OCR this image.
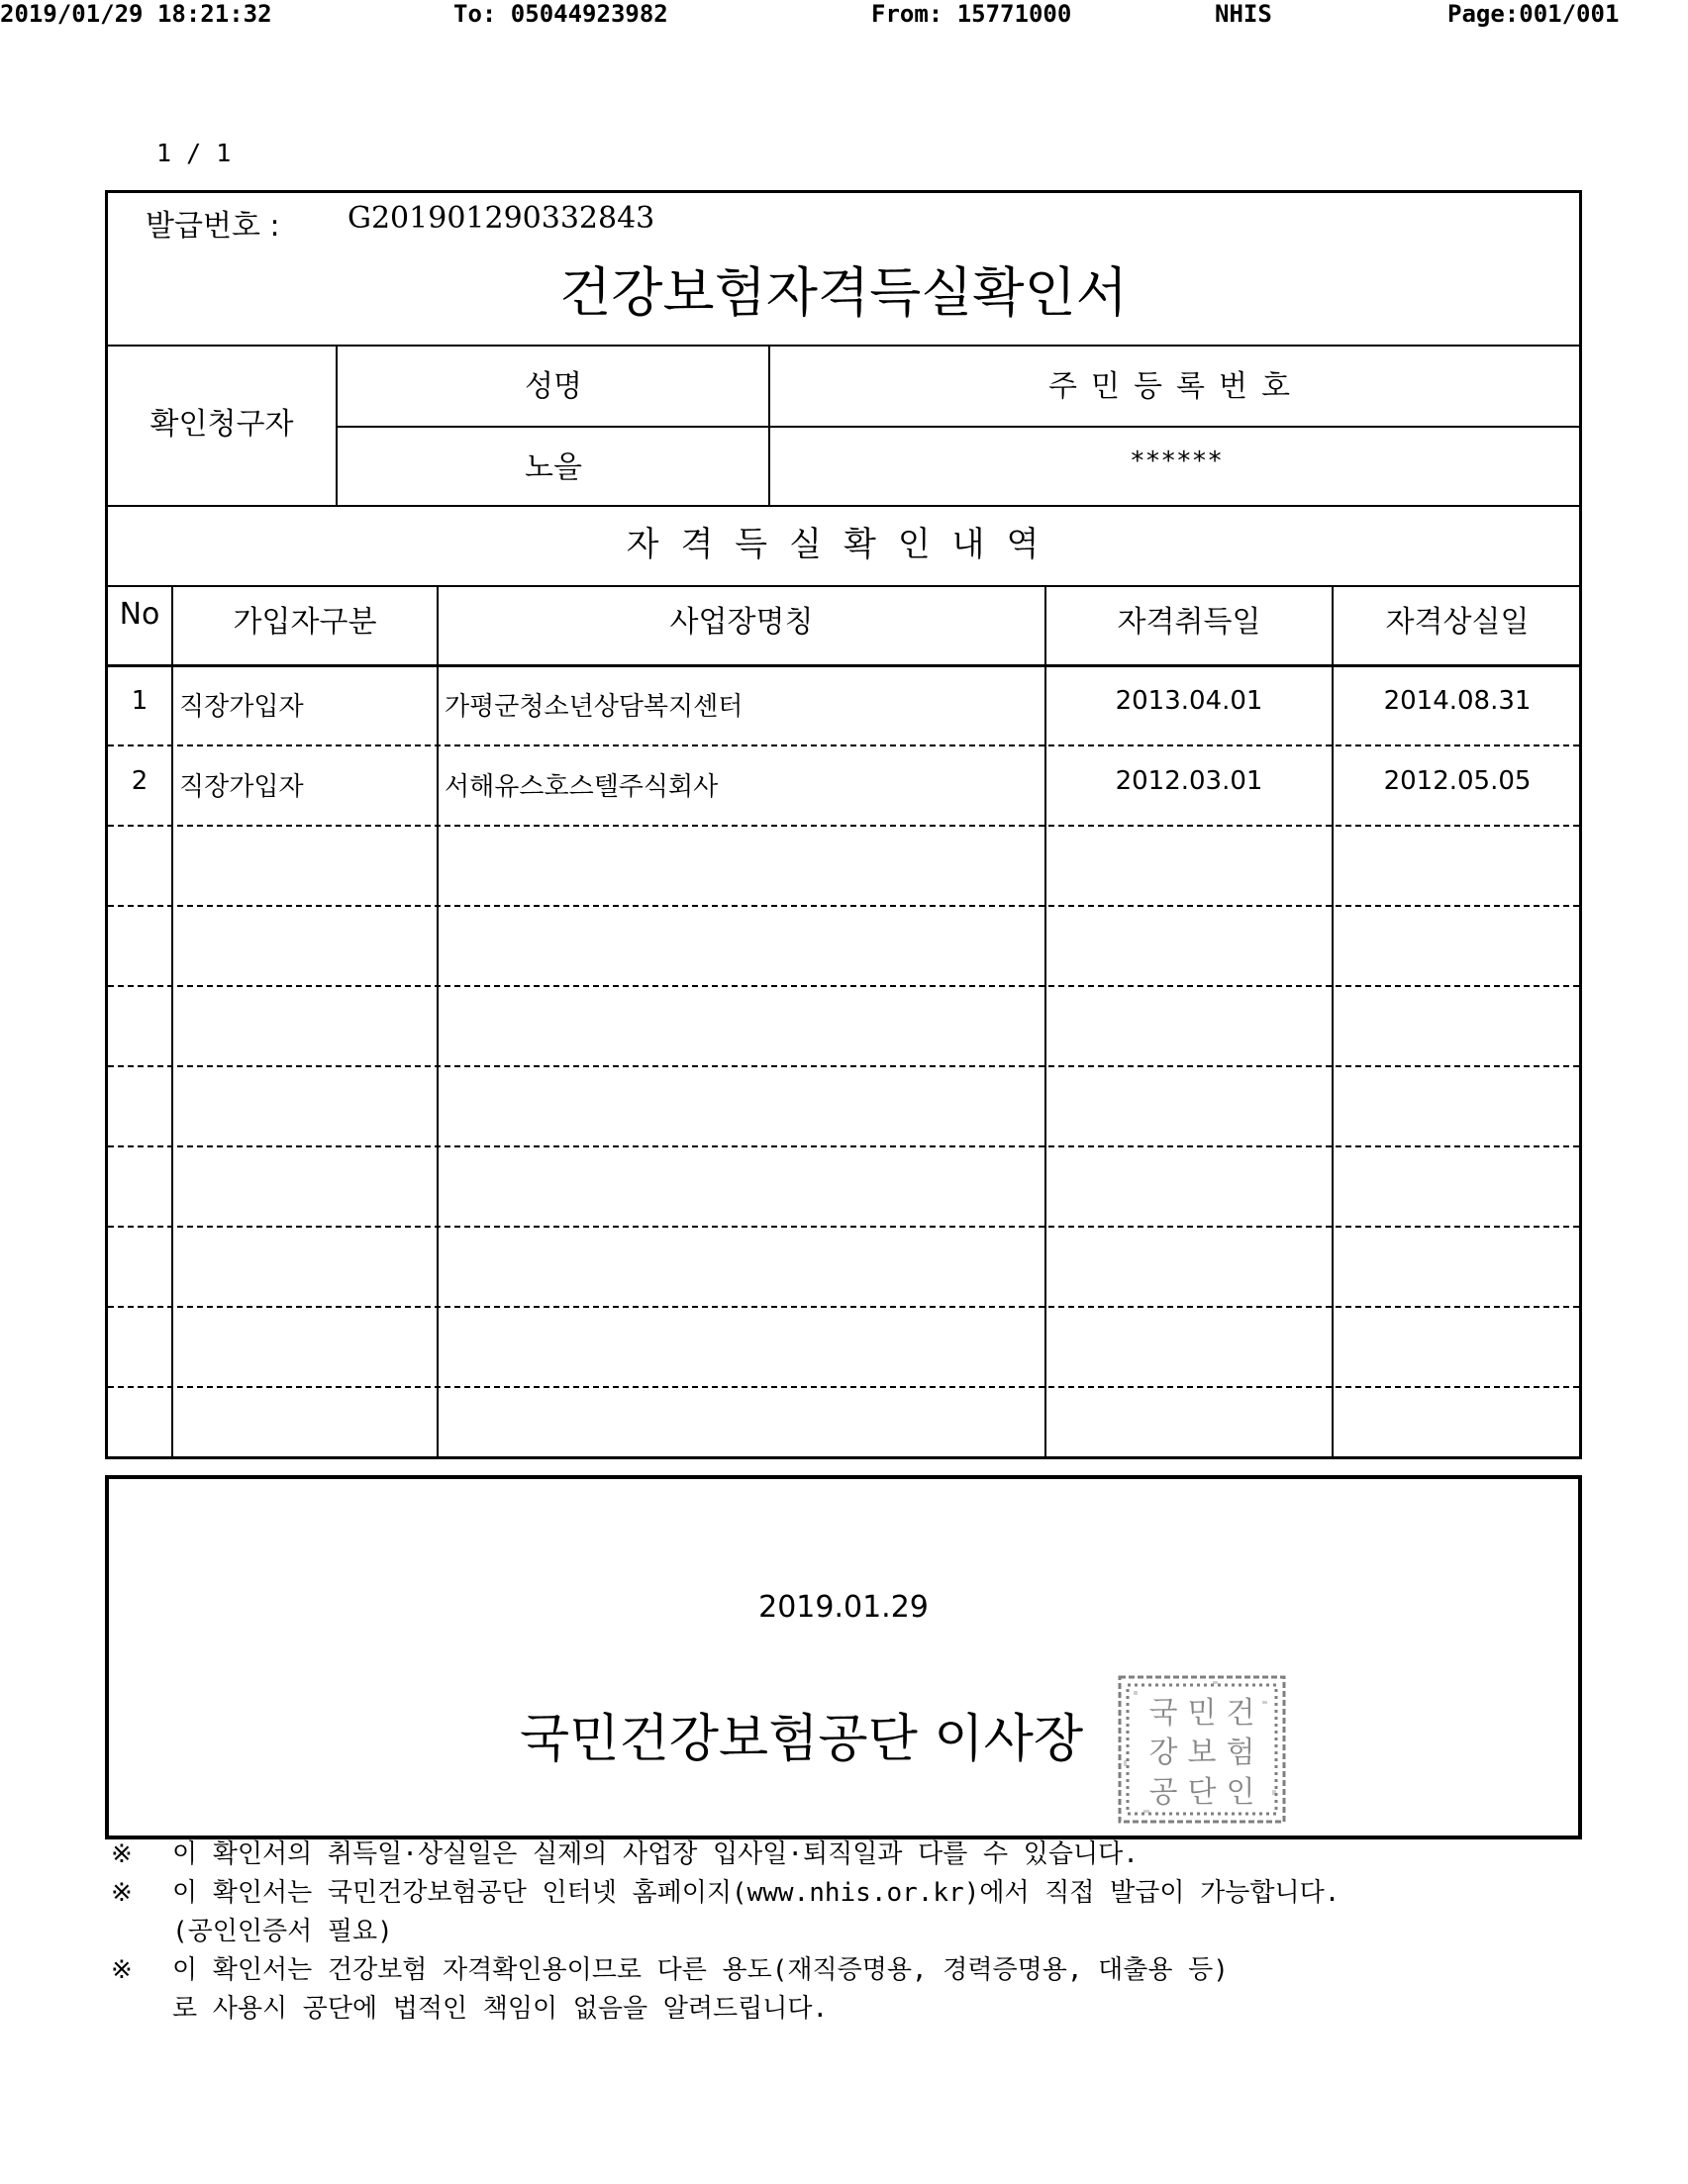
2019/01/29 18:21:32	To: 05044923982	From: 15771000	NHIS	Page:001/001
1 / 1
발급번호 : G201901290332843
건강보험자격득실확인서
확인청구자
성명	주민등록번호
노을	******
자격득실확인내역
No	가입자구분	사업장명칭	자격취득일	자격상실일
1	직장가입자	가평군청소년상담복지센터	2013.04.01	2014.08.31
2	직장가입자	서해유스호스텔주식회사	2012.03.01	2012.05.05
2019.01.29
국민건강보험공단 이사장 국 민 건
강 보 험
공 단 인
※ 이 확인서의 취득일·상실일은 실제의 사업장 입사일·퇴직일과 다를 수 있습니다.
※ 이 확인서는 국민건강보험공단 인터넷 홈페이지(www.nhis.or.kr)에서 직접 발급이 가능합니다.
(공인인증서 필요)
※ 이 확인서는 건강보험 자격확인용이므로 다른 용도(재직증명용, 경력증명용, 대출용 등)
로 사용시 공단에 법적인 책임이 없음을 알려드립니다.
